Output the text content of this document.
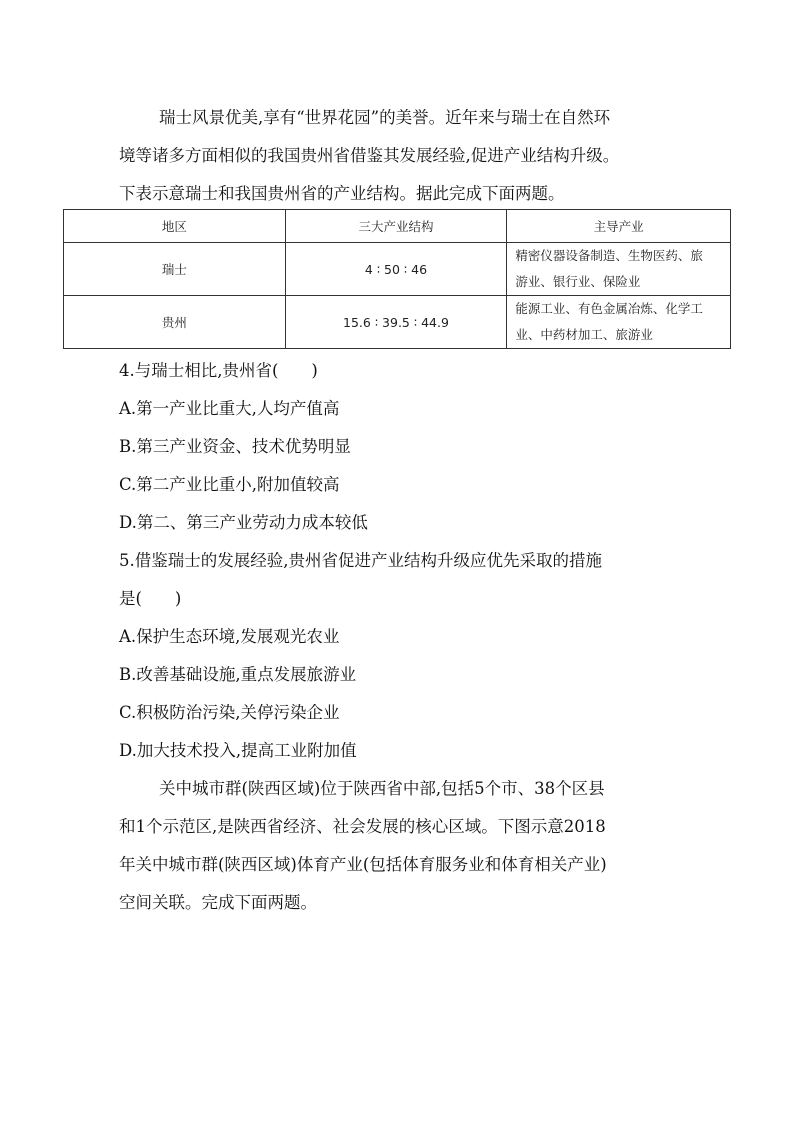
瑞士风景优美,享有“世界花园”的美誉。近年来与瑞士在自然环
境等诸多方面相似的我国贵州省借鉴其发展经验,促进产业结构升级。
下表示意瑞士和我国贵州省的产业结构。据此完成下面两题。
地区	三大产业结构	主导产业
瑞士	4 ∶ 50 ∶ 46	精密仪器设备制造、生物医药、旅
游业、银行业、保险业

贵州	15.6 ∶ 39.5 ∶ 44.9	能源工业、有色金属冶炼、化学工
业、中药材加工、旅游业
4.与瑞士相比,贵州省(　　)
A.第一产业比重大,人均产值高
B.第三产业资金、技术优势明显
C.第二产业比重小,附加值较高
D.第二、第三产业劳动力成本较低
5.借鉴瑞士的发展经验,贵州省促进产业结构升级应优先采取的措施
是(　　)
A.保护生态环境,发展观光农业
B.改善基础设施,重点发展旅游业
C.积极防治污染,关停污染企业
D.加大技术投入,提高工业附加值
关中城市群(陕西区域)位于陕西省中部,包括5个市、38个区县
和1个示范区,是陕西省经济、社会发展的核心区域。下图示意2018
年关中城市群(陕西区域)体育产业(包括体育服务业和体育相关产业)
空间关联。完成下面两题。
